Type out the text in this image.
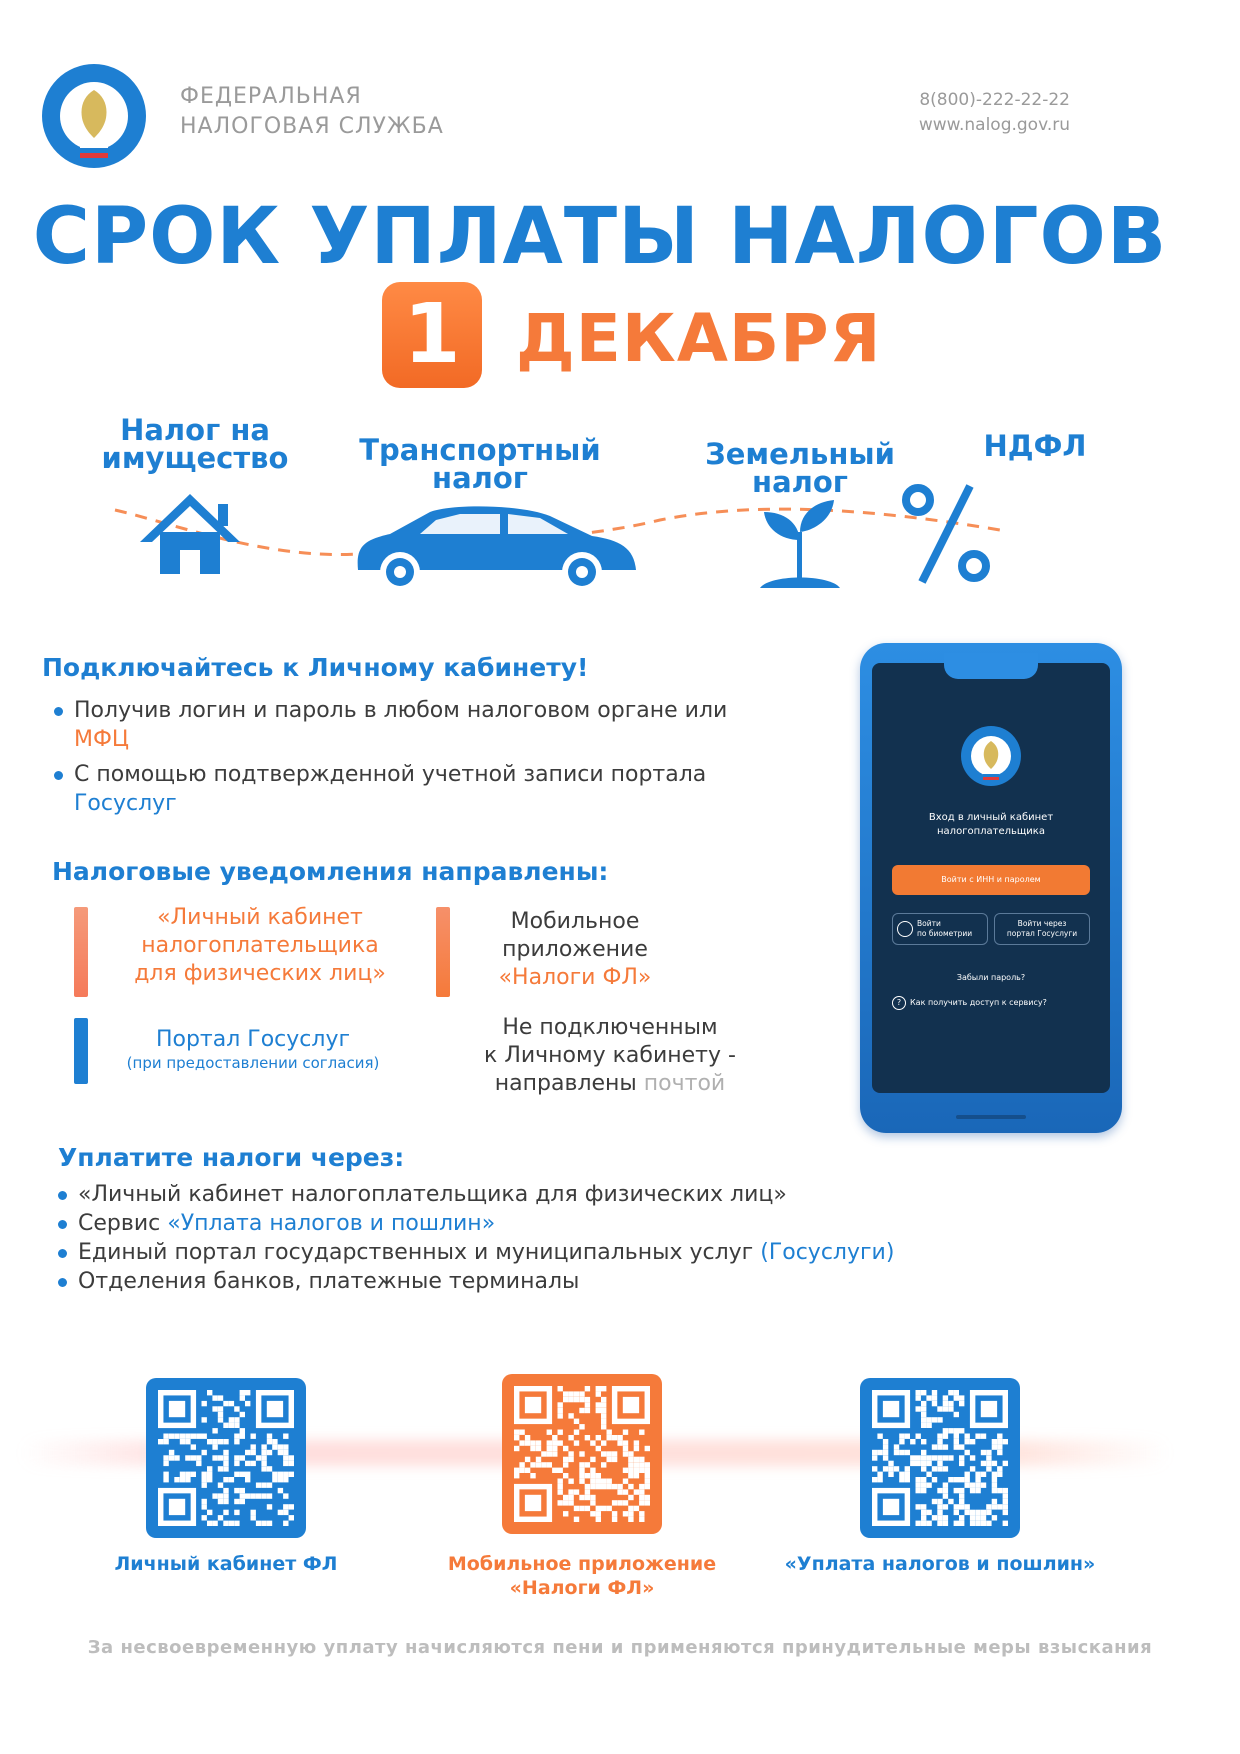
ФЕДЕРАЛЬНАЯ
НАЛОГОВАЯ СЛУЖБА
8(800)-222-22-22
www.nalog.gov.ru
СРОК УПЛАТЫ НАЛОГОВ
1 ДЕКАБРЯ
Налог на
имущество	Транспортный
налог
Земельный
налог
НДФЛ
Подключайтесь к Личному кабинету!
Получив логин и пароль в любом налоговом органе или
МФЦ
С помощью подтвержденной учетной записи портала
Госуслуг
Налоговые уведомления направлены:
«Личный кабинет
налогоплательщика
для физических лиц»
Мобильное
приложение
«Налоги ФЛ»
Портал Госуслуг
(при предоставлении согласия)
Не подключенным
к Личному кабинету -
направлены почтой
Вход в личный кабинет
налогоплательщика
Войти с ИНН и паролем
Войти
по биометрии
Войти через
портал Госуслуги
Забыли пароль?
? Как получить доступ к сервису?
Уплатите налоги через:
«Личный кабинет налогоплательщика для физических лиц»
Сервис «Уплата налогов и пошлин»
Единый портал государственных и муниципальных услуг (Госуслуги)
Отделения банков, платежные терминалы
Личный кабинет ФЛ	Мобильное приложение
«Налоги ФЛ»
«Уплата налогов и пошлин»
За несвоевременную уплату начисляются пени и применяются принудительные меры взыскания
